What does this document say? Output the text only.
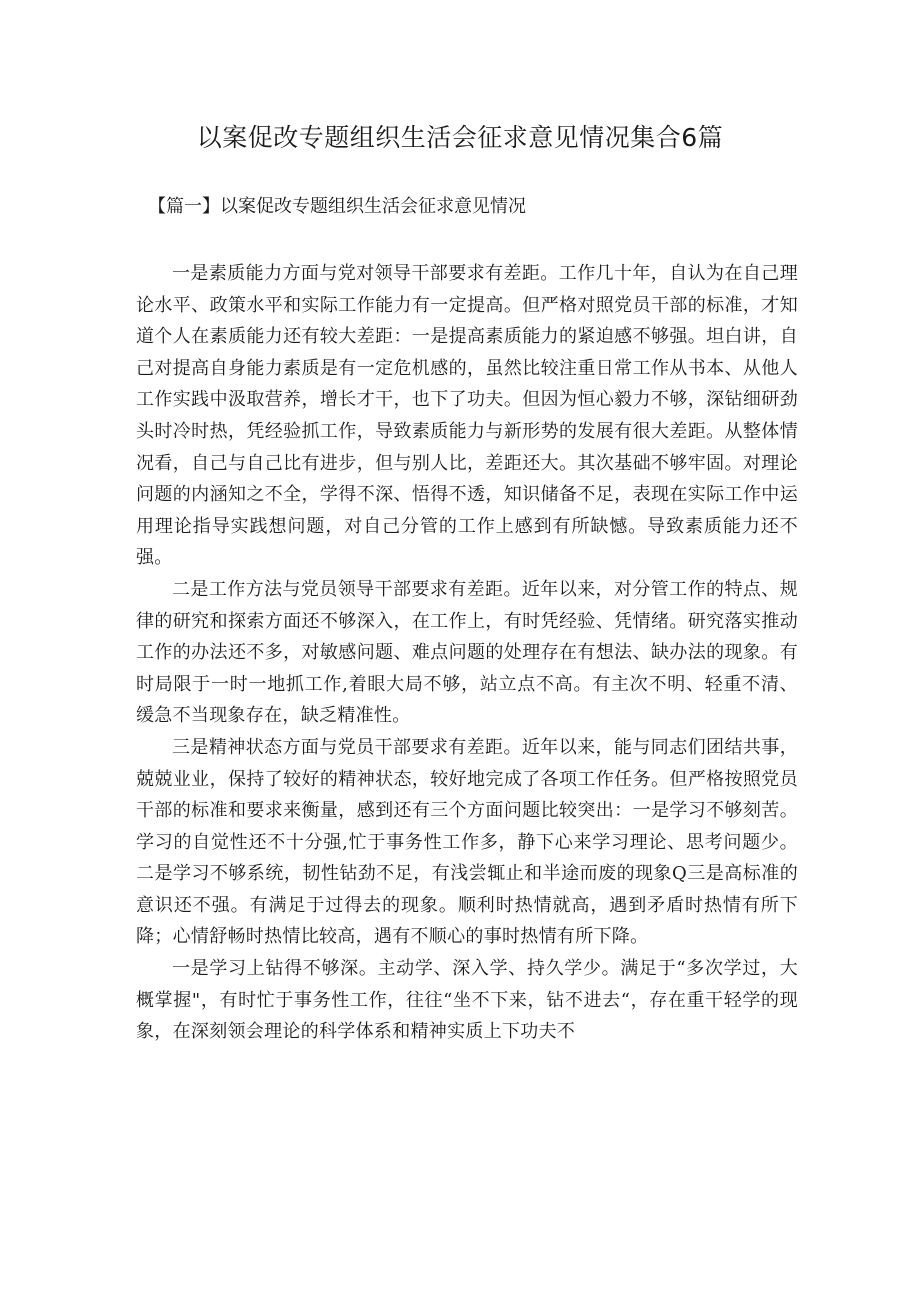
以案促改专题组织生活会征求意见情况集合6篇
【篇一】以案促改专题组织生活会征求意见情况

一是素质能力方面与党对领导干部要求有差距。工作几十年，自认为在自己理论水平、政策水平和实际工作能力有一定提高。但严格对照党员干部的标准，才知道个人在素质能力还有较大差距：一是提高素质能力的紧迫感不够强。坦白讲，自己对提高自身能力素质是有一定危机感的，虽然比较注重日常工作从书本、从他人工作实践中汲取营养，增长才干，也下了功夫。但因为恒心毅力不够，深钻细研劲头时冷时热，凭经验抓工作，导致素质能力与新形势的发展有很大差距。从整体情况看，自己与自己比有进步，但与别人比，差距还大。其次基础不够牢固。对理论问题的内涵知之不全，学得不深、悟得不透，知识储备不足，表现在实际工作中运用理论指导实践想问题，对自己分管的工作上感到有所缺憾。导致素质能力还不强。

二是工作方法与党员领导干部要求有差距。近年以来，对分管工作的特点、规律的研究和探索方面还不够深入，在工作上，有时凭经验、凭情绪。研究落实推动工作的办法还不多，对敏感问题、难点问题的处理存在有想法、缺办法的现象。有时局限于一时一地抓工作,着眼大局不够，站立点不高。有主次不明、轻重不清、缓急不当现象存在，缺乏精准性。

三是精神状态方面与党员干部要求有差距。近年以来，能与同志们团结共事，兢兢业业，保持了较好的精神状态，较好地完成了各项工作任务。但严格按照党员干部的标准和要求来衡量，感到还有三个方面问题比较突出：一是学习不够刻苦。学习的自觉性还不十分强,忙于事务性工作多，静下心来学习理论、思考问题少。二是学习不够系统，韧性钻劲不足，有浅尝辄止和半途而废的现象Q三是高标准的意识还不强。有满足于过得去的现象。顺利时热情就高，遇到矛盾时热情有所下降；心情舒畅时热情比较高，遇有不顺心的事时热情有所下降。

一是学习上钻得不够深。主动学、深入学、持久学少。满足于“多次学过，大概掌握"，有时忙于事务性工作，往往“坐不下来，钻不进去“，存在重干轻学的现象，在深刻领会理论的科学体系和精神实质上下功夫不
